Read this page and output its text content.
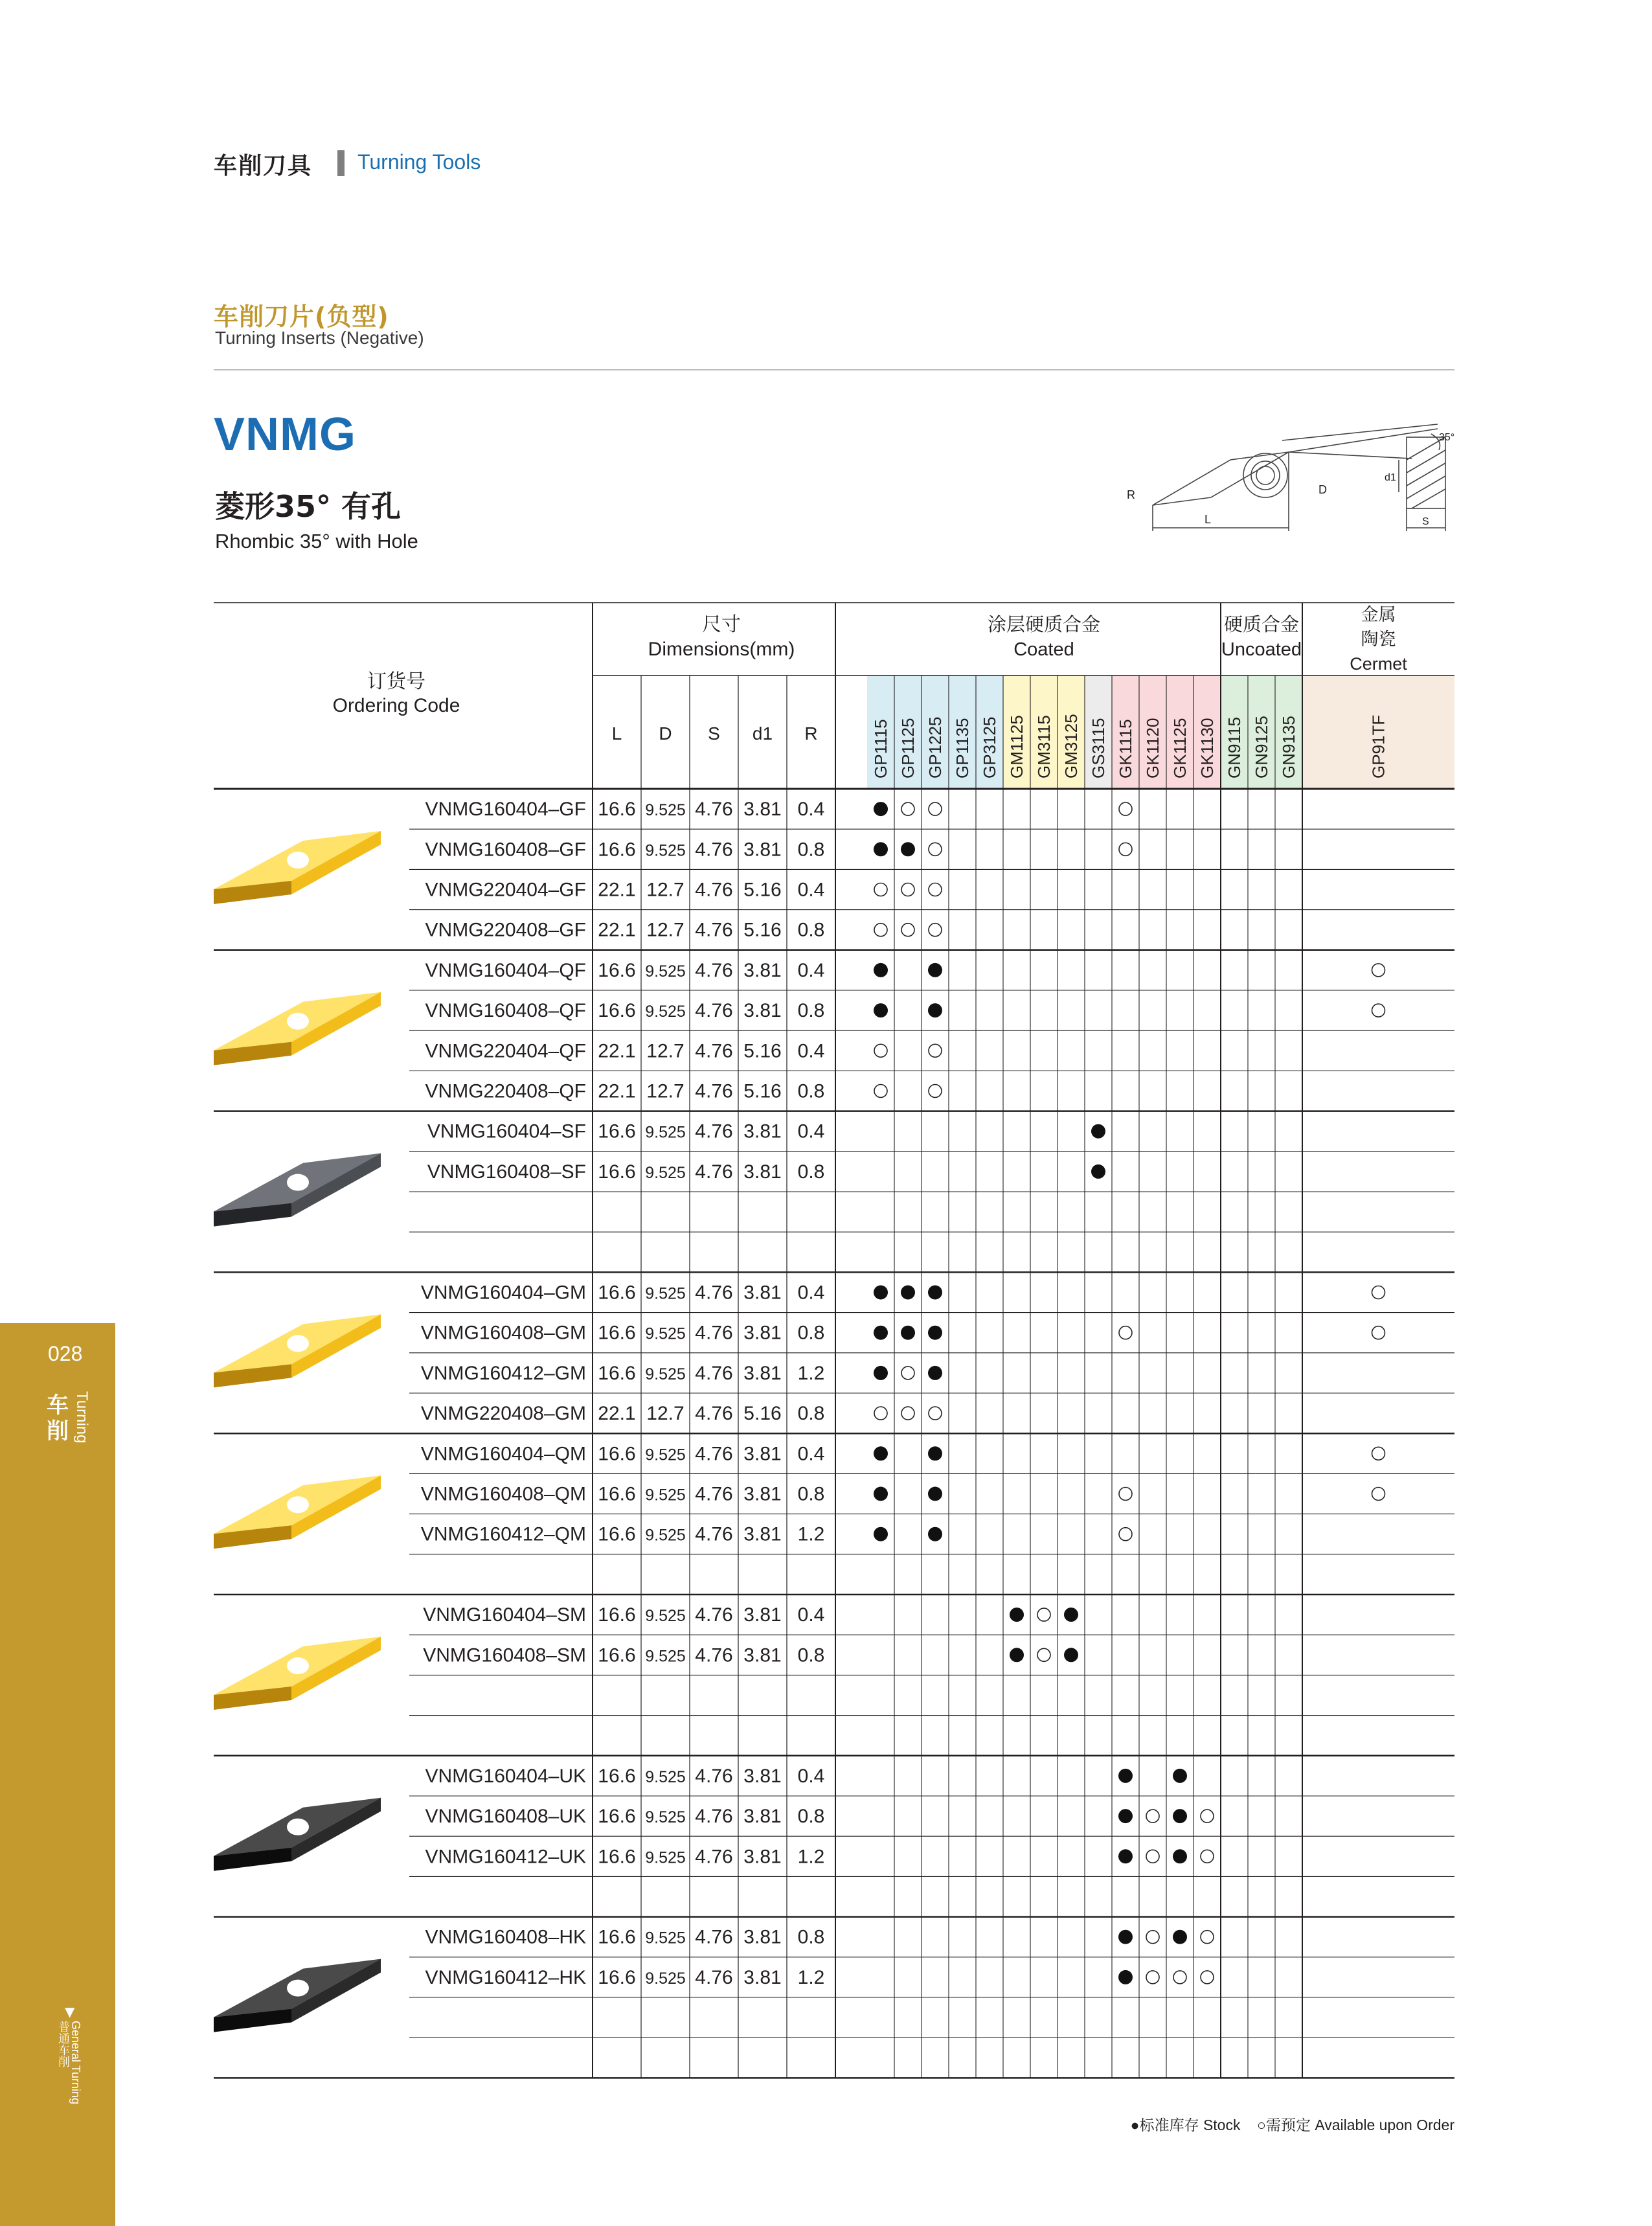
车削刀具 Turning Tools
车削刀片(负型)
Turning Inserts (Negative)
VNMG
菱形35° 有孔
Rhombic 35° with Hole
R
L
D
35°
d1
S
028
车削 Turning
▼
General Turning
普通车削
订货号
Ordering Code
尺寸
Dimensions(mm)
L D S d1 R
涂层硬质合金
Coated
硬质合金
Uncoated
金属
陶瓷
Cermet
GP1115 GP1125 GP1225 GP1135 GP3125 GM1125 GM3115 GM3125 GS3115 GK1115 GK1120 GK1125 GK1130 GN9115 GN9125 GN9135	GP91TF
VNMG160404–GF 16.6 9.525 4.76 3.81 0.4
VNMG160408–GF 16.6 9.525 4.76 3.81 0.8
VNMG220404–GF 22.1 12.7 4.76 5.16 0.4
VNMG220408–GF 22.1 12.7 4.76 5.16 0.8
VNMG160404–QF 16.6 9.525 4.76 3.81 0.4
VNMG160408–QF 16.6 9.525 4.76 3.81 0.8
VNMG220404–QF 22.1 12.7 4.76 5.16 0.4
VNMG220408–QF 22.1 12.7 4.76 5.16 0.8
VNMG160404–SF 16.6 9.525 4.76 3.81 0.4
VNMG160408–SF 16.6 9.525 4.76 3.81 0.8
VNMG160404–GM 16.6 9.525 4.76 3.81 0.4
VNMG160408–GM 16.6 9.525 4.76 3.81 0.8
VNMG160412–GM 16.6 9.525 4.76 3.81 1.2
VNMG220408–GM 22.1 12.7 4.76 5.16 0.8
VNMG160404–QM 16.6 9.525 4.76 3.81 0.4
VNMG160408–QM 16.6 9.525 4.76 3.81 0.8
VNMG160412–QM 16.6 9.525 4.76 3.81 1.2
VNMG160404–SM 16.6 9.525 4.76 3.81 0.4
VNMG160408–SM 16.6 9.525 4.76 3.81 0.8
VNMG160404–UK 16.6 9.525 4.76 3.81 0.4
VNMG160408–UK 16.6 9.525 4.76 3.81 0.8
VNMG160412–UK 16.6 9.525 4.76 3.81 1.2
VNMG160408–HK 16.6 9.525 4.76 3.81 0.8
VNMG160412–HK 16.6 9.525 4.76 3.81 1.2
●标准库存 Stock ○需预定 Available upon Order
